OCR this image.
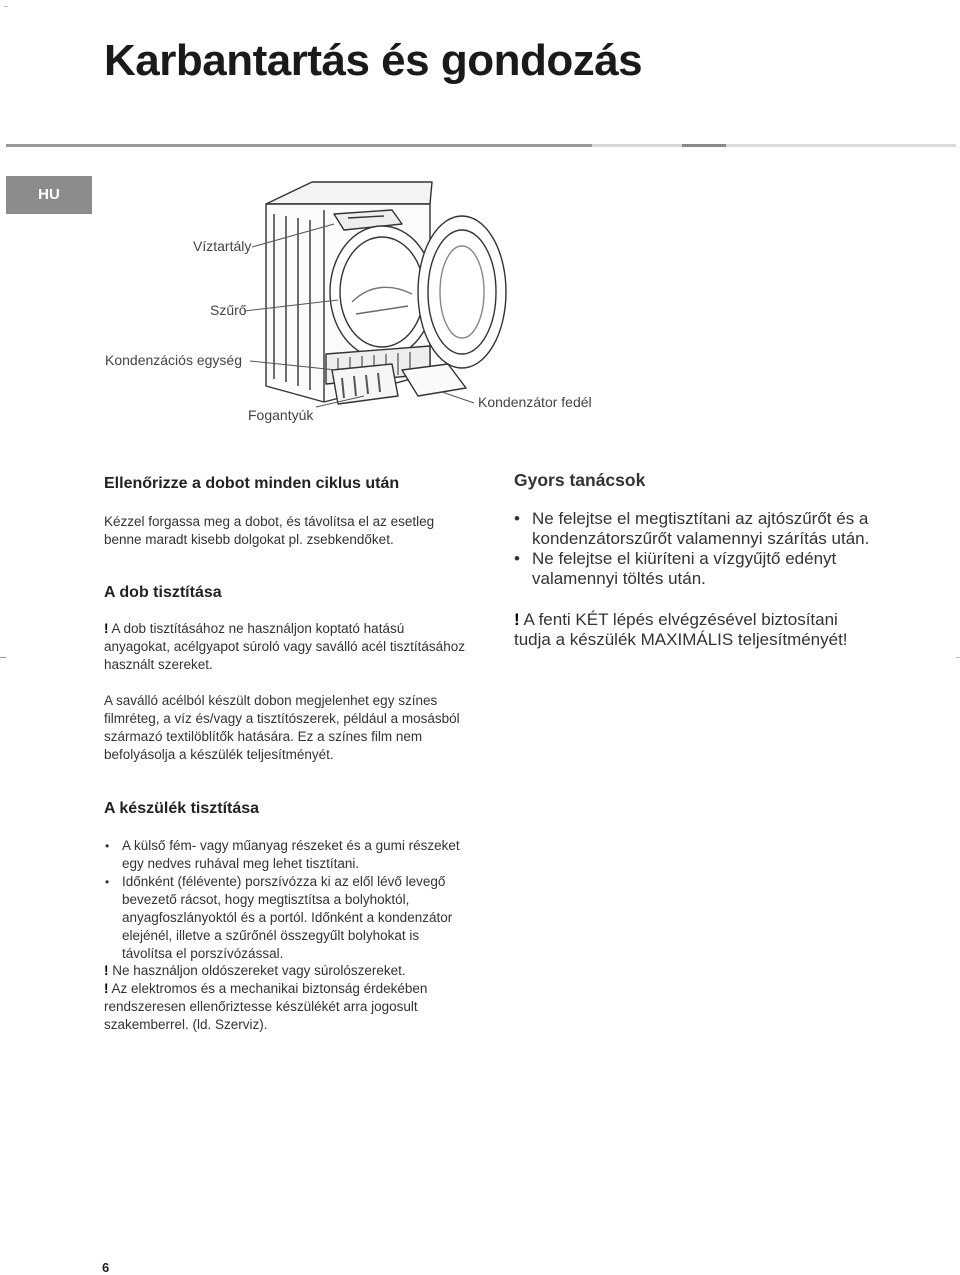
Karbantartás és gondozás
HU
Víztartály
Szűrő
Kondenzációs egység
Fogantyúk
Kondenzátor fedél
Ellenőrizze a dobot minden ciklus után

Kézzel forgassa meg a dobot, és távolítsa el az esetleg

benne maradt kisebb dolgokat pl. zsebkendőket.

A dob tisztítása

! A dob tisztításához ne használjon koptató hatású

anyagokat, acélgyapot súroló vagy saválló acél tisztításához

használt szereket.

A saválló acélból készült dobon megjelenhet egy színes

filmréteg, a víz és/vagy a tisztítószerek, például a mosásból

származó textilöblítők hatására. Ez a színes film nem

befolyásolja a készülék teljesítményét.

Gyors tanácsok
• Ne felejtse el megtisztítani az ajtószűrőt és a
kondenzátorszűrőt valamennyi szárítás után.
• Ne felejtse el kiüríteni a vízgyűjtő edényt
valamennyi töltés után.

! A fenti KÉT lépés elvégzésével biztosítani

tudja a készülék MAXIMÁLIS teljesítményét!

A készülék tisztítása
• A külső fém- vagy műanyag részeket és a gumi részeket
egy nedves ruhával meg lehet tisztítani.
• Időnként (félévente) porszívózza ki az elől lévő levegő
bevezető rácsot, hogy megtisztítsa a bolyhoktól,
anyagfoszlányoktól és a portól. Időnként a kondenzátor
elejénél, illetve a szűrőnél összegyűlt bolyhokat is
távolítsa el porszívózással.

! Ne használjon oldószereket vagy súrolószereket.

! Az elektromos és a mechanikai biztonság érdekében

rendszeresen ellenőriztesse készülékét arra jogosult

szakemberrel. (ld. Szerviz).

6
